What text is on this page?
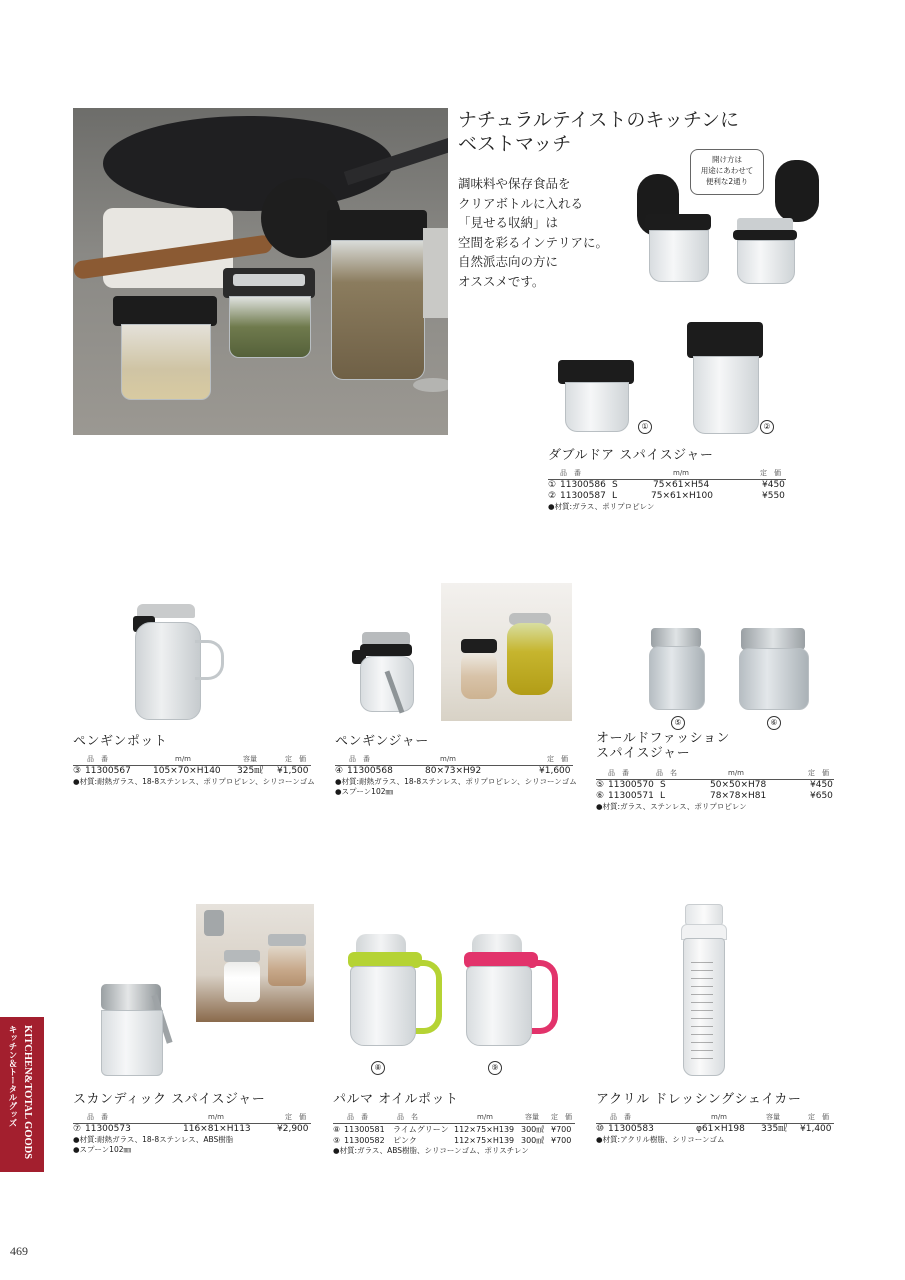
ナチュラルテイストのキッチンに
ベストマッチ
調味料や保存食品を
クリアボトルに入れる
「見せる収納」は
空間を彩るインテリアに。
自然派志向の方に
オススメです。
開け方は
用途にあわせて
便利な2通り
①	②
ダブルドア スパイスジャー
品　番	m/m	定　価
① 11300586 S	75×61×H54	¥450
② 11300587 L	75×61×H100	¥550
●材質:ガラス、ポリプロピレン
ペンギンポット
品　番	m/m	容量	定　価
③ 11300567 105×70×H140 325㎖ ¥1,500
●材質:耐熱ガラス、18-8ステンレス、ポリプロピレン、シリコーンゴム
ペンギンジャー
品　番	m/m	定　価
④ 11300568	80×73×H92	¥1,600
●材質:耐熱ガラス、18-8ステンレス、ポリプロピレン、シリコーンゴム
●スプーン102㎜
⑤	⑥
オールドファッション
スパイスジャー
品　番	品　名	m/m	定　価
⑤ 11300570 S	50×50×H78	¥450
⑥ 11300571 L	78×78×H81	¥650
●材質:ガラス、ステンレス、ポリプロピレン
スカンディック スパイスジャー
品　番	m/m	定　価
⑦ 11300573	116×81×H113	¥2,900
●材質:耐熱ガラス、18-8ステンレス、ABS樹脂
●スプーン102㎜
⑧	⑨
パルマ オイルポット
品　番	品　名	m/m	容量 定　価
⑧ 11300581 ライムグリーン 112×75×H139 300㎖ ¥700
⑨ 11300582 ピンク	112×75×H139 300㎖ ¥700
●材質:ガラス、ABS樹脂、シリコーンゴム、ポリスチレン
アクリル ドレッシングシェイカー
品　番	m/m	容量	定　価
⑩ 11300583	φ61×H198 335㎖ ¥1,400
●材質:アクリル樹脂、シリコーンゴム
KITCHEN&TOTAL GOODS
キッチン＆トータルグッズ
469
